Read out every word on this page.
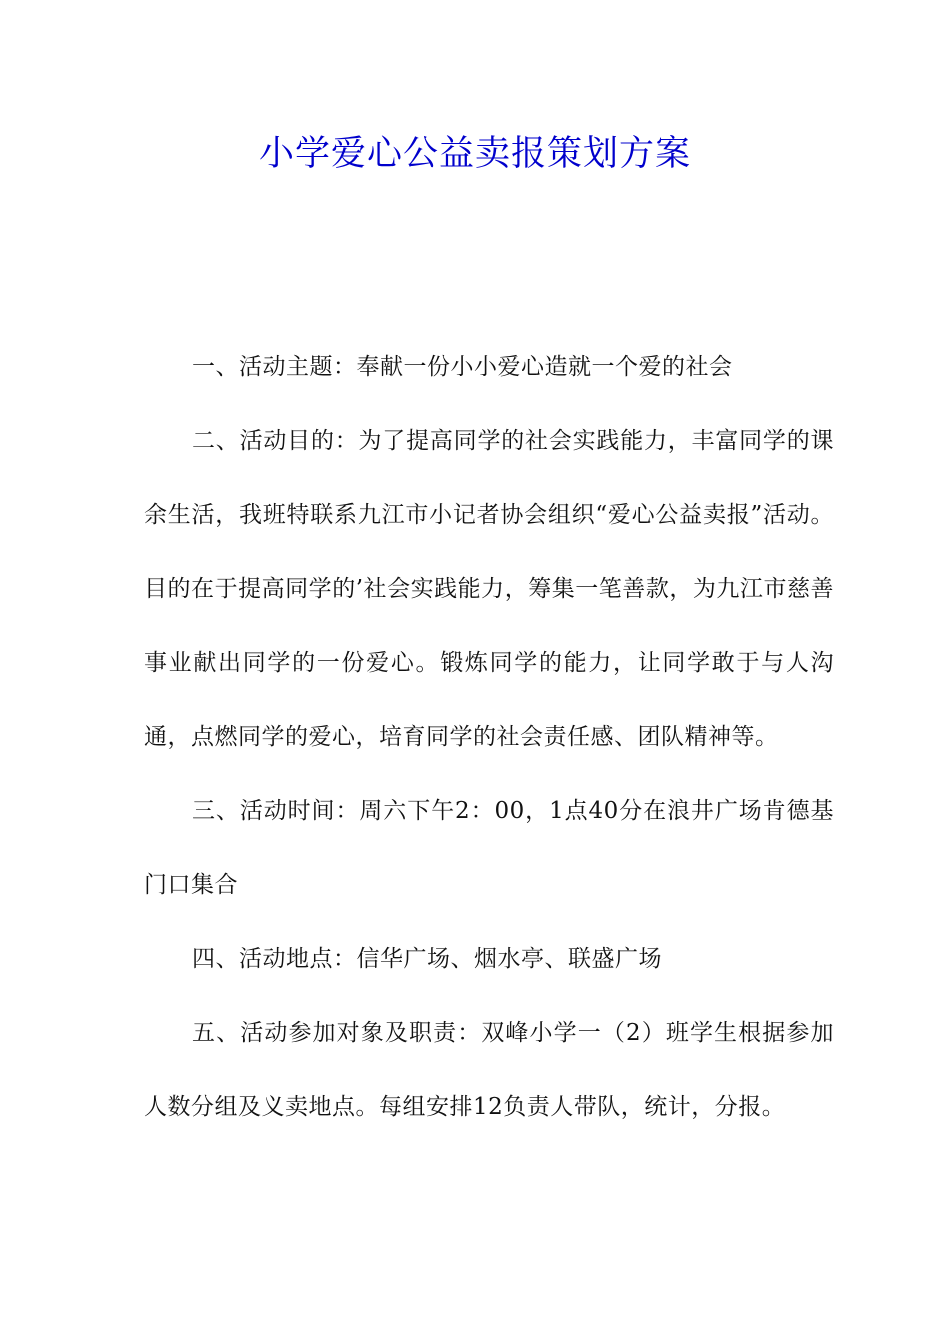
小学爱心公益卖报策划方案

一、活动主题：奉献一份小小爱心造就一个爱的社会

二、活动目的：为了提高同学的社会实践能力，丰富同学的课余生活，我班特联系九江市小记者协会组织“爱心公益卖报”活动。目的在于提高同学的’社会实践能力，筹集一笔善款，为九江市慈善事业献出同学的一份爱心。锻炼同学的能力，让同学敢于与人沟通，点燃同学的爱心，培育同学的社会责任感、团队精神等。

三、活动时间：周六下午2：00，1点40分在浪井广场肯德基门口集合

四、活动地点：信华广场、烟水亭、联盛广场

五、活动参加对象及职责：双峰小学一（2）班学生根据参加人数分组及义卖地点。每组安排12负责人带队，统计，分报。
